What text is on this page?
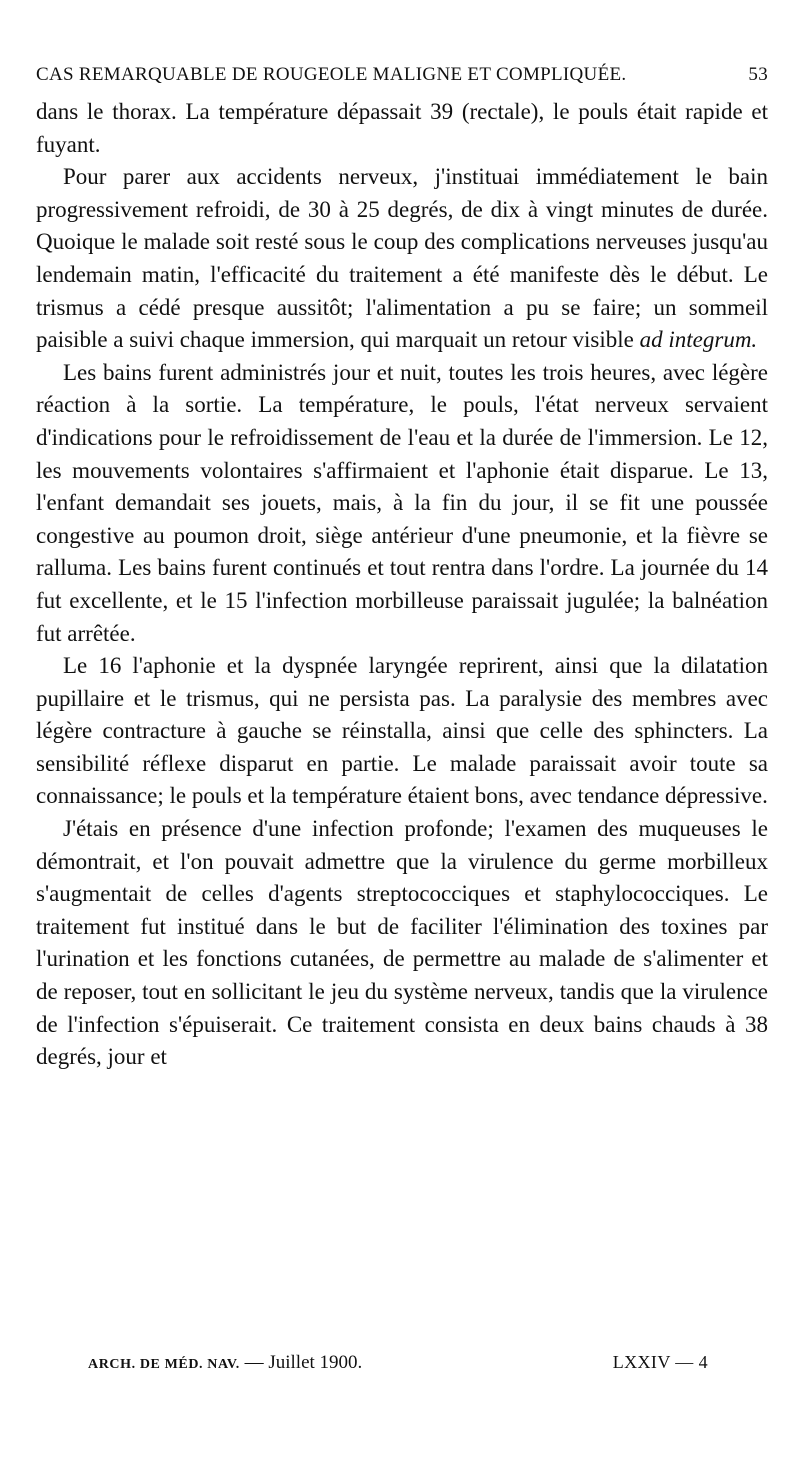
CAS REMARQUABLE DE ROUGEOLE MALIGNE ET COMPLIQUÉE.	53

dans le thorax. La température dépassait 39 (rectale), le pouls était rapide et fuyant.

Pour parer aux accidents nerveux, j'instituai immédiatement le bain progressivement refroidi, de 30 à 25 degrés, de dix à vingt minutes de durée. Quoique le malade soit resté sous le coup des complications nerveuses jusqu'au lendemain matin, l'efficacité du traitement a été manifeste dès le début. Le trismus a cédé presque aussitôt; l'alimentation a pu se faire; un sommeil paisible a suivi chaque immersion, qui marquait un retour visible ad integrum.

Les bains furent administrés jour et nuit, toutes les trois heures, avec légère réaction à la sortie. La température, le pouls, l'état nerveux servaient d'indications pour le refroidissement de l'eau et la durée de l'immersion. Le 12, les mouvements volontaires s'affirmaient et l'aphonie était disparue. Le 13, l'enfant demandait ses jouets, mais, à la fin du jour, il se fit une poussée congestive au poumon droit, siège antérieur d'une pneumonie, et la fièvre se ralluma. Les bains furent continués et tout rentra dans l'ordre. La journée du 14 fut excellente, et le 15 l'infection morbilleuse paraissait jugulée; la balnéation fut arrêtée.

Le 16 l'aphonie et la dyspnée laryngée reprirent, ainsi que la dilatation pupillaire et le trismus, qui ne persista pas. La paralysie des membres avec légère contracture à gauche se réinstalla, ainsi que celle des sphincters. La sensibilité réflexe disparut en partie. Le malade paraissait avoir toute sa connaissance; le pouls et la température étaient bons, avec tendance dépressive.

J'étais en présence d'une infection profonde; l'examen des muqueuses le démontrait, et l'on pouvait admettre que la virulence du germe morbilleux s'augmentait de celles d'agents streptococciques et staphylococciques. Le traitement fut institué dans le but de faciliter l'élimination des toxines par l'urination et les fonctions cutanées, de permettre au malade de s'alimenter et de reposer, tout en sollicitant le jeu du système nerveux, tandis que la virulence de l'infection s'épuiserait. Ce traitement consista en deux bains chauds à 38 degrés, jour et

ARCH. DE MÉD. NAV. — Juillet 1900.	LXXIV — 4
